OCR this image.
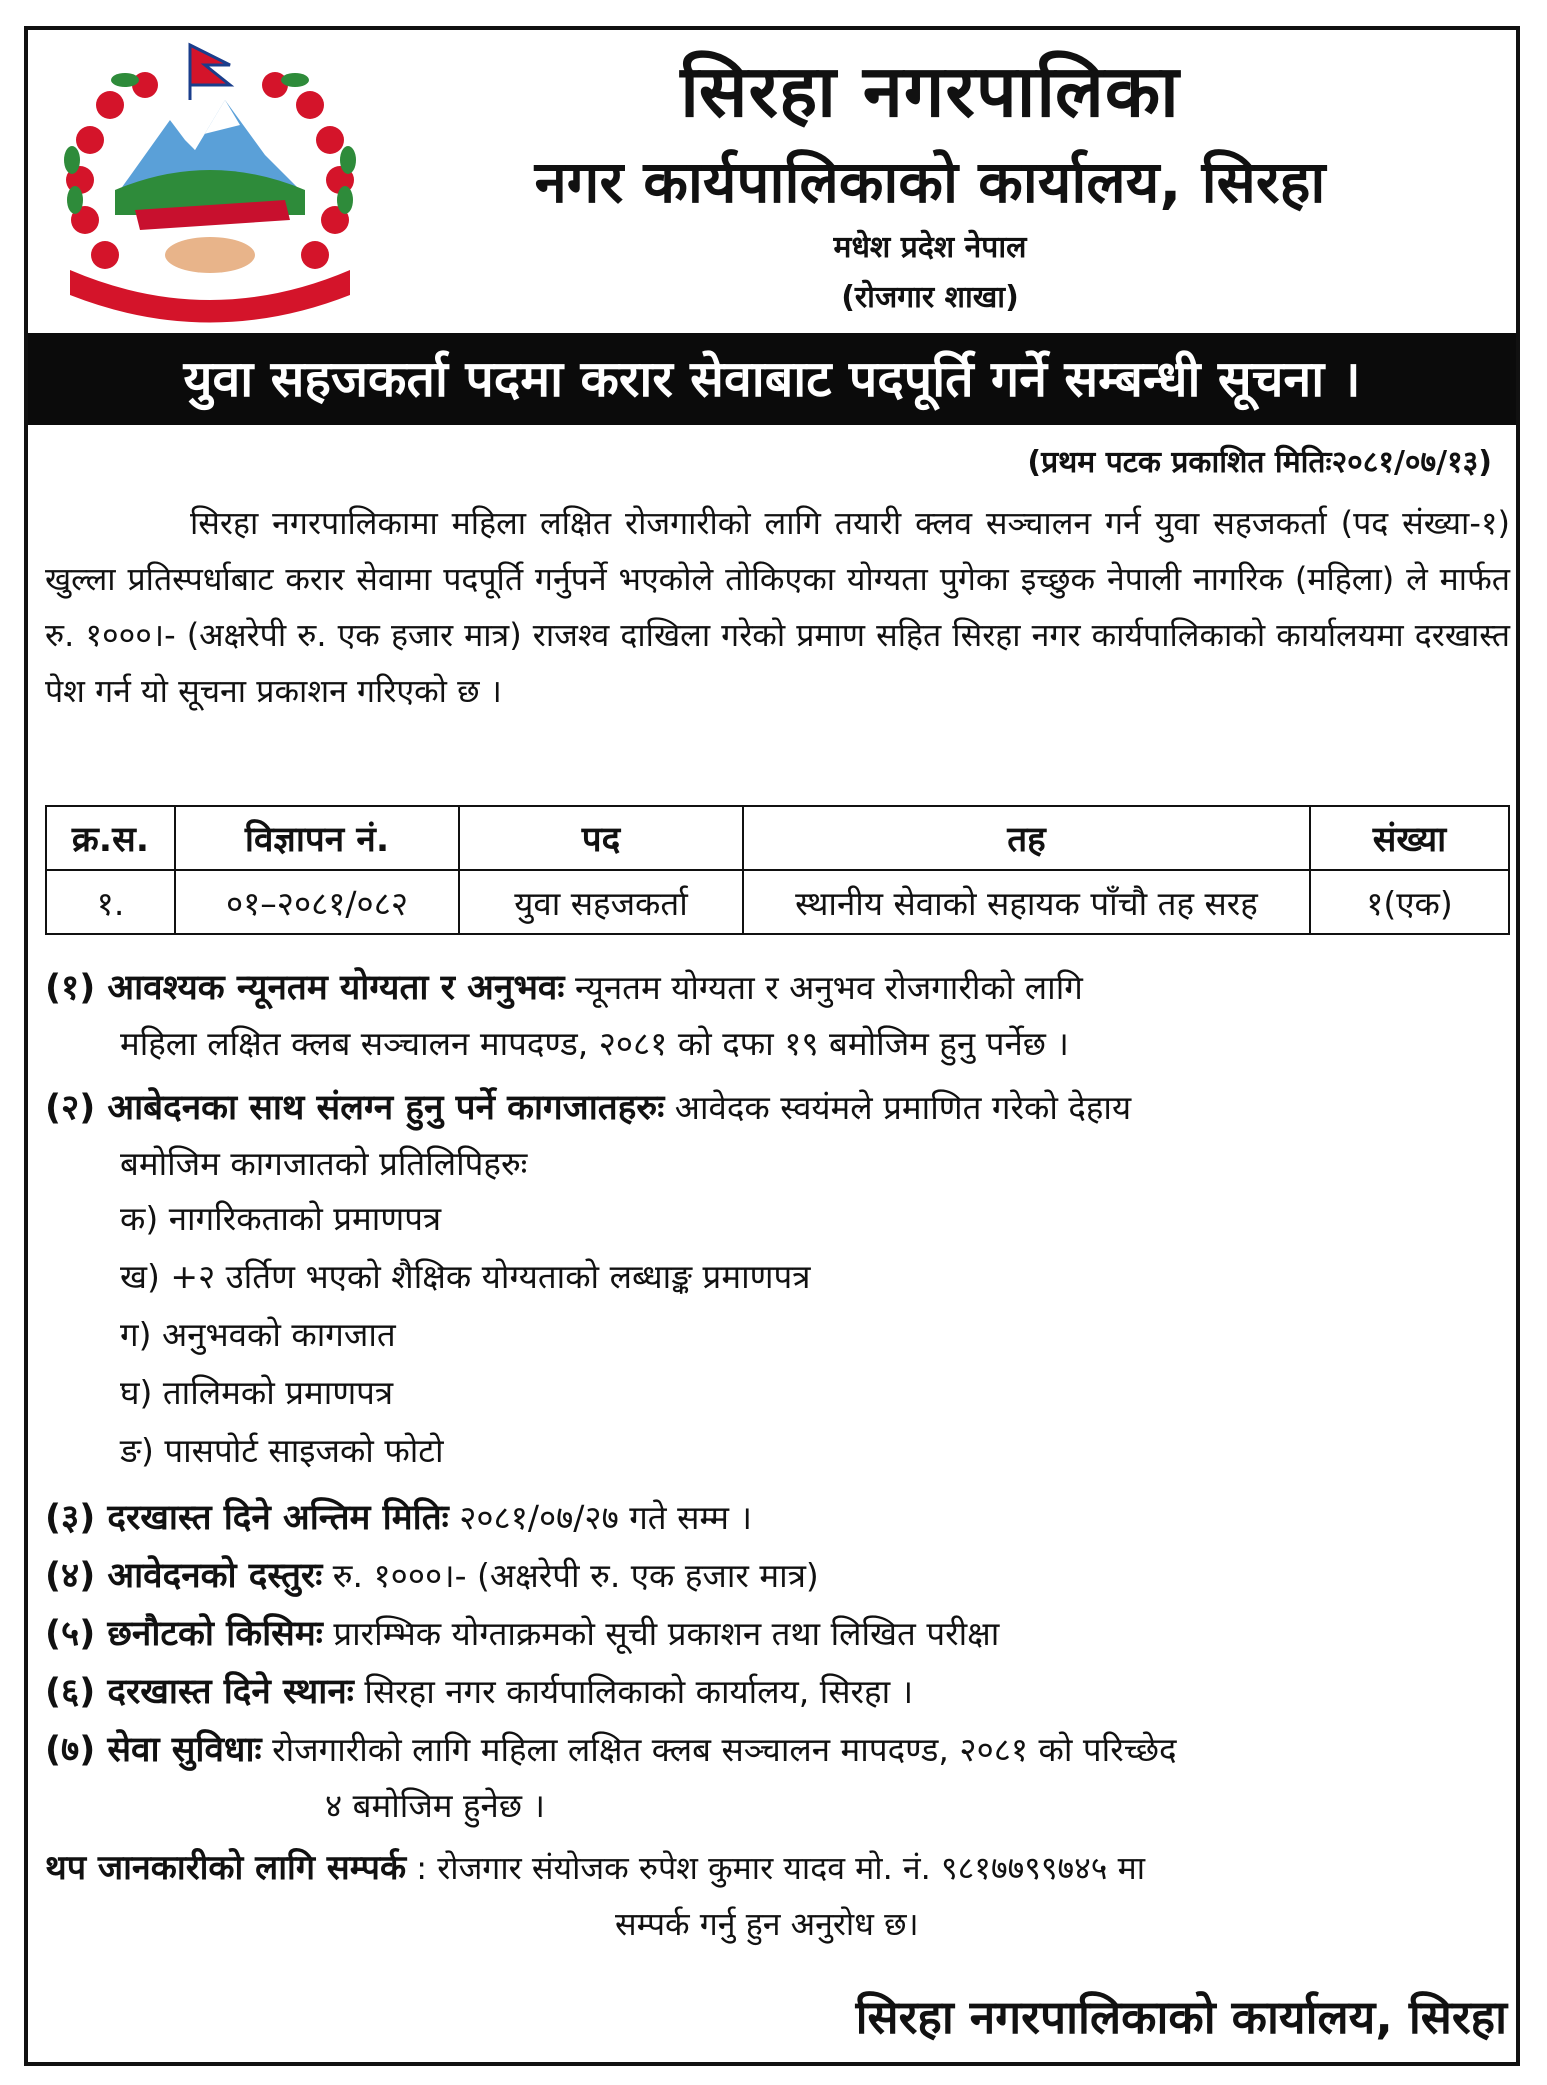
सिरहा नगरपालिका
नगर कार्यपालिकाको कार्यालय, सिरहा
मधेश प्रदेश नेपाल
(रोजगार शाखा)
युवा सहजकर्ता पदमा करार सेवाबाट पदपूर्ति गर्ने सम्बन्धी सूचना ।
(प्रथम पटक प्रकाशित मितिः२०८१/०७/१३)
सिरहा नगरपालिकामा महिला लक्षित रोजगारीको लागि तयारी क्लव सञ्चालन गर्न युवा सहजकर्ता (पद संख्या-१) खुल्ला प्रतिस्पर्धाबाट करार सेवामा पदपूर्ति गर्नुपर्ने भएकोले तोकिएका योग्यता पुगेका इच्छुक नेपाली नागरिक (महिला) ले मार्फत रु. १०००।- (अक्षरेपी रु. एक हजार मात्र) राजश्व दाखिला गरेको प्रमाण सहित सिरहा नगर कार्यपालिकाको कार्यालयमा दरखास्त पेश गर्न यो सूचना प्रकाशन गरिएको छ ।
क्र.स.	विज्ञापन नं.	पद	तह	संख्या
१.	०१–२०८१/०८२	युवा सहजकर्ता	स्थानीय सेवाको सहायक पाँचौ तह सरह	१(एक)
(१) आवश्यक न्यूनतम योग्यता र अनुभवः न्यूनतम योग्यता र अनुभव रोजगारीको लागि
महिला लक्षित क्लब सञ्चालन मापदण्ड, २०८१ को दफा १९ बमोजिम हुनु पर्नेछ ।
(२) आबेदनका साथ संलग्न हुनु पर्ने कागजातहरुः आवेदक स्वयंमले प्रमाणित गरेको देहाय
बमोजिम कागजातको प्रतिलिपिहरुः
क) नागरिकताको प्रमाणपत्र
ख) +२ उर्तिण भएको शैक्षिक योग्यताको लब्धाङ्क प्रमाणपत्र
ग) अनुभवको कागजात
घ) तालिमको प्रमाणपत्र
ङ) पासपोर्ट साइजको फोटो
(३) दरखास्त दिने अन्तिम मितिः २०८१/०७/२७ गते सम्म ।
(४) आवेदनको दस्तुरः रु. १०००।- (अक्षरेपी रु. एक हजार मात्र)
(५) छनौटको किसिमः प्रारम्भिक योग्ताक्रमको सूची प्रकाशन तथा लिखित परीक्षा
(६) दरखास्त दिने स्थानः सिरहा नगर कार्यपालिकाको कार्यालय, सिरहा ।
(७) सेवा सुविधाः रोजगारीको लागि महिला लक्षित क्लब सञ्चालन मापदण्ड, २०८१ को परिच्छेद
४ बमोजिम हुनेछ ।
थप जानकारीको लागि सम्पर्क : रोजगार संयोजक रुपेश कुमार यादव मो. नं. ९८१७७९९७४५ मा
सम्पर्क गर्नु हुन अनुरोध छ।
सिरहा नगरपालिकाको कार्यालय, सिरहा
